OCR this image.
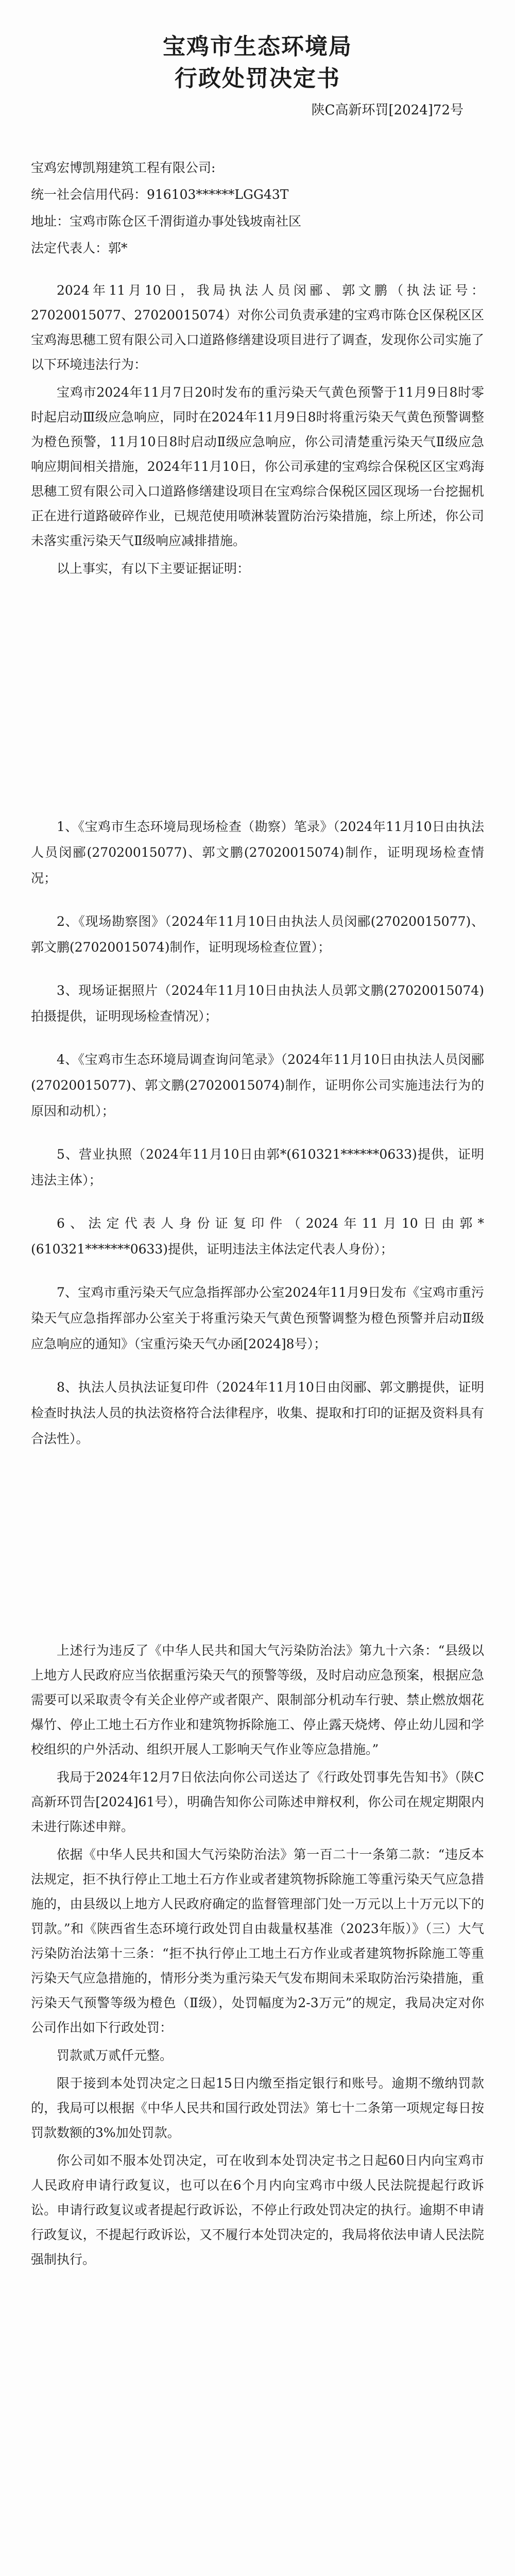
宝鸡市生态环境局
行政处罚决定书
陕C高新环罚[2024]72号

宝鸡宏博凯翔建筑工程有限公司:

统一社会信用代码：916103******LGG43T

地址：宝鸡市陈仓区千渭街道办事处钱坡南社区

法定代表人：郭*

2024年11月10日，我局执法人员闵郦、郭文鹏（执法证号：27020015077、27020015074）对你公司负责承建的宝鸡市陈仓区保税区区宝鸡海思穗工贸有限公司入口道路修缮建设项目进行了调查，发现你公司实施了以下环境违法行为：

宝鸡市2024年11月7日20时发布的重污染天气黄色预警于11月9日8时零时起启动Ⅲ级应急响应，同时在2024年11月9日8时将重污染天气黄色预警调整为橙色预警，11月10日8时启动Ⅱ级应急响应，你公司清楚重污染天气Ⅱ级应急响应期间相关措施，2024年11月10日，你公司承建的宝鸡综合保税区区宝鸡海思穗工贸有限公司入口道路修缮建设项目在宝鸡综合保税区园区现场一台挖掘机正在进行道路破碎作业，已规范使用喷淋装置防治污染措施，综上所述，你公司未落实重污染天气Ⅱ级响应减排措施。

以上事实，有以下主要证据证明：

1、《宝鸡市生态环境局现场检查（勘察）笔录》（2024年11月10日由执法人员闵郦(27020015077)、郭文鹏(27020015074)制作，证明现场检查情况；

2、《现场勘察图》（2024年11月10日由执法人员闵郦(27020015077)、郭文鹏(27020015074)制作，证明现场检查位置）；

3、现场证据照片（2024年11月10日由执法人员郭文鹏(27020015074)拍摄提供，证明现场检查情况）；

4、《宝鸡市生态环境局调查询问笔录》（2024年11月10日由执法人员闵郦(27020015077)、郭文鹏(27020015074)制作，证明你公司实施违法行为的原因和动机）；

5、营业执照（2024年11月10日由郭*(610321******0633)提供，证明违法主体）；

6、法定代表人身份证复印件（2024年11月10日由郭*(610321*******0633)提供，证明违法主体法定代表人身份）；

7、宝鸡市重污染天气应急指挥部办公室2024年11月9日发布《宝鸡市重污染天气应急指挥部办公室关于将重污染天气黄色预警调整为橙色预警并启动Ⅱ级应急响应的通知》（宝重污染天气办函[2024]8号）；

8、执法人员执法证复印件（2024年11月10日由闵郦、郭文鹏提供，证明检查时执法人员的执法资格符合法律程序，收集、提取和打印的证据及资料具有合法性）。

上述行为违反了《中华人民共和国大气污染防治法》第九十六条：“县级以上地方人民政府应当依据重污染天气的预警等级，及时启动应急预案，根据应急需要可以采取责令有关企业停产或者限产、限制部分机动车行驶、禁止燃放烟花爆竹、停止工地土石方作业和建筑物拆除施工、停止露天烧烤、停止幼儿园和学校组织的户外活动、组织开展人工影响天气作业等应急措施。”

我局于2024年12月7日依法向你公司送达了《行政处罚事先告知书》（陕C高新环罚告[2024]61号），明确告知你公司陈述申辩权利，你公司在规定期限内未进行陈述申辩。

依据《中华人民共和国大气污染防治法》第一百二十一条第二款：“违反本法规定，拒不执行停止工地土石方作业或者建筑物拆除施工等重污染天气应急措施的，由县级以上地方人民政府确定的监督管理部门处一万元以上十万元以下的罚款。”和《陕西省生态环境行政处罚自由裁量权基准（2023年版）》（三）大气污染防治法第十三条：“拒不执行停止工地土石方作业或者建筑物拆除施工等重污染天气应急措施的，情形分类为重污染天气发布期间未采取防治污染措施，重污染天气预警等级为橙色（Ⅱ级），处罚幅度为2-3万元”的规定，我局决定对你公司作出如下行政处罚：

罚款贰万贰仟元整。

限于接到本处罚决定之日起15日内缴至指定银行和账号。逾期不缴纳罚款的，我局可以根据《中华人民共和国行政处罚法》第七十二条第一项规定每日按罚款数额的3%加处罚款。

你公司如不服本处罚决定，可在收到本处罚决定书之日起60日内向宝鸡市人民政府申请行政复议，也可以在6个月内向宝鸡市中级人民法院提起行政诉讼。申请行政复议或者提起行政诉讼，不停止行政处罚决定的执行。逾期不申请行政复议，不提起行政诉讼，又不履行本处罚决定的，我局将依法申请人民法院强制执行。
